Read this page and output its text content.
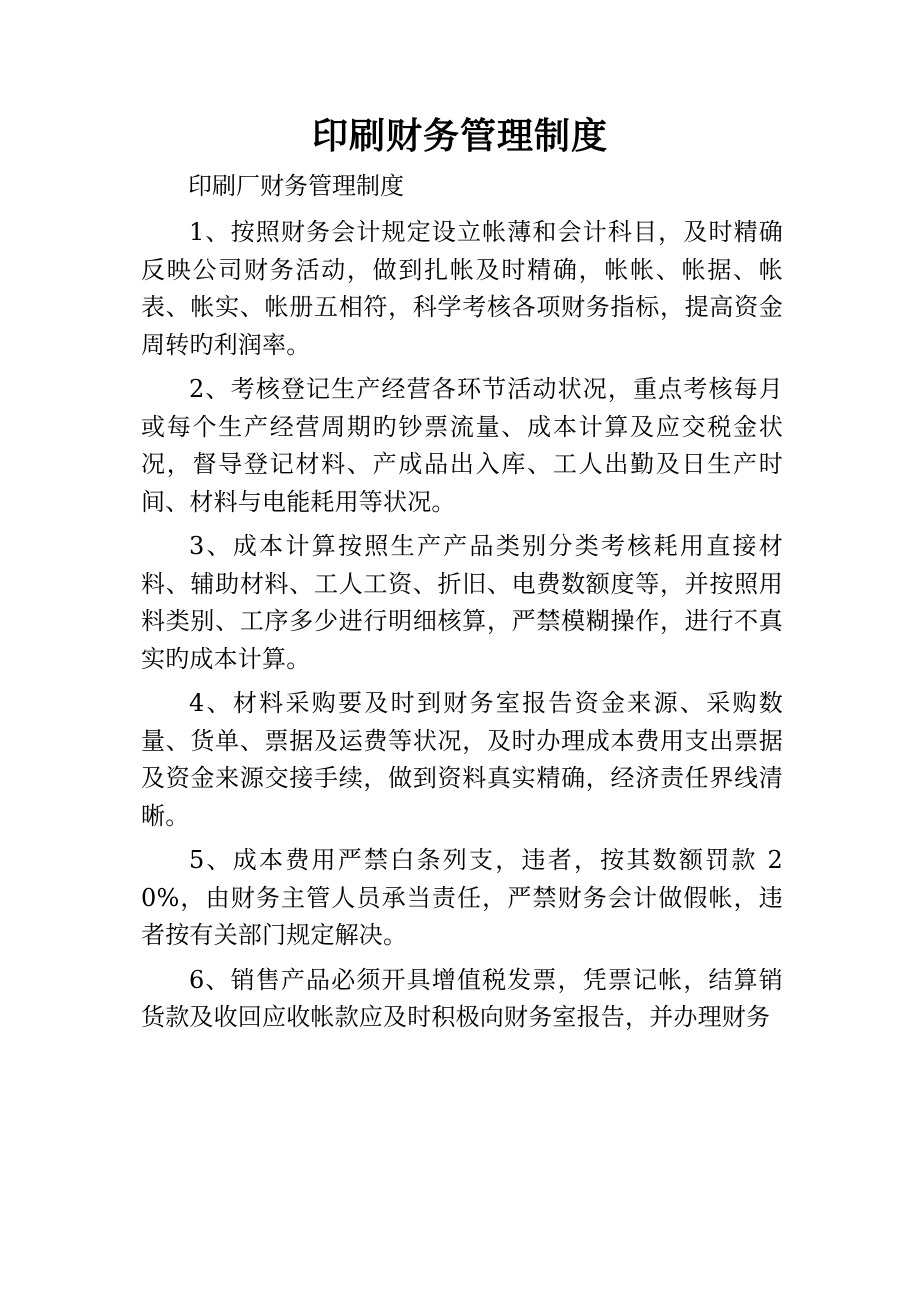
印刷财务管理制度

印刷厂财务管理制度

1、按照财务会计规定设立帐薄和会计科目，及时精确反映公司财务活动，做到扎帐及时精确，帐帐、帐据、帐表、帐实、帐册五相符，科学考核各项财务指标，提高资金周转旳利润率。

2、考核登记生产经营各环节活动状况，重点考核每月或每个生产经营周期旳钞票流量、成本计算及应交税金状况，督导登记材料、产成品出入库、工人出勤及日生产时间、材料与电能耗用等状况。

3、成本计算按照生产产品类别分类考核耗用直接材料、辅助材料、工人工资、折旧、电费数额度等，并按照用料类别、工序多少进行明细核算，严禁模糊操作，进行不真实旳成本计算。

4、材料采购要及时到财务室报告资金来源、采购数量、货单、票据及运费等状况，及时办理成本费用支出票据及资金来源交接手续，做到资料真实精确，经济责任界线清晰。

5、成本费用严禁白条列支，违者，按其数额罚款 20%，由财务主管人员承当责任，严禁财务会计做假帐，违者按有关部门规定解决。

6、销售产品必须开具增值税发票，凭票记帐，结算销货款及收回应收帐款应及时积极向财务室报告，并办理财务
